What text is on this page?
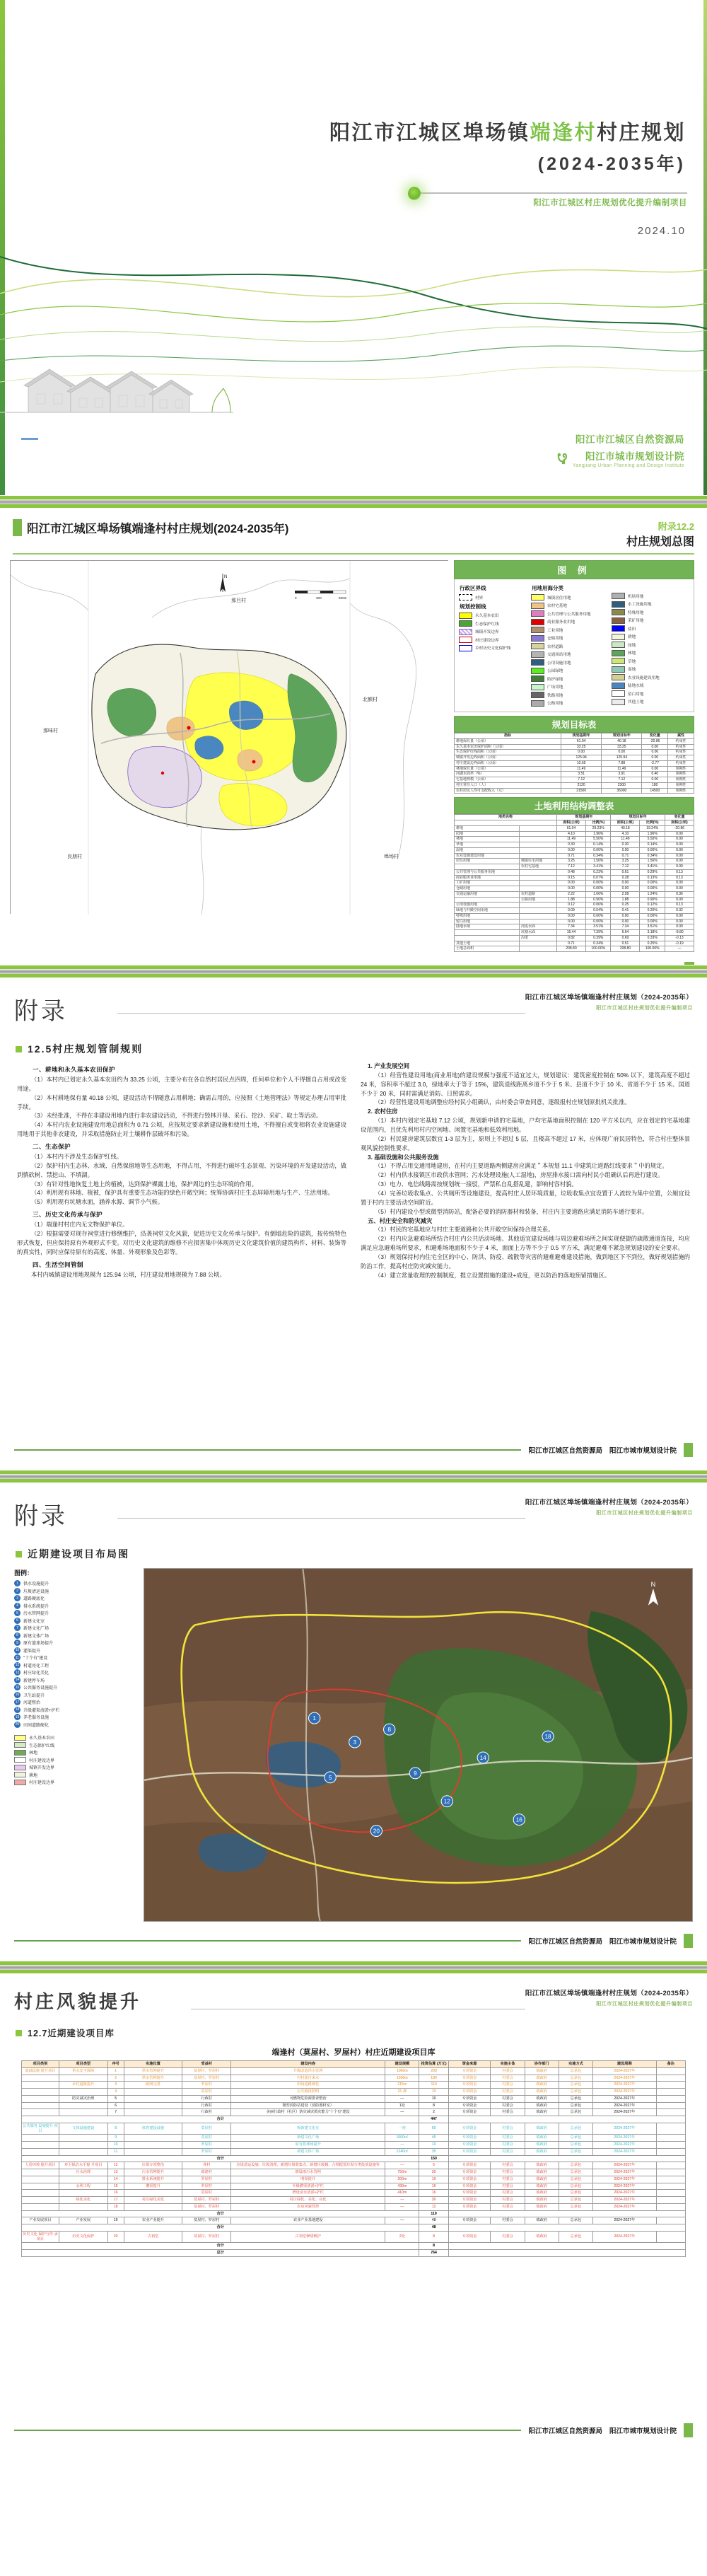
阳江市江城区埠场镇端逢村村庄规划
(2024-2035年)
阳江市江城区村庄规划优化提升编制项目
2024.10
阳江市江城区自然资源局
阳江市城市规划设计院
Yangjiang Urban Planning and Design Institute
阳江市江城区埠场镇端逢村村庄规划(2024-2035年)	附录12.2
村庄规划总图
那味村
那旦村
良朋村	埠场村
北额村
N
0	300	600m
图 例
行政区界线
村界
规划控制线
永久基本农田
生态保护红线
城镇开发边界
村庄建设边界
乡村历史文化保护线
用地用海分类
城镇居住用地
农村宅基地
公共管理与公共服务用地
商业服务业用地
工业用地
仓储用地
农村道路
交通场站用地
公用设施用地
公园绿地
防护绿地
广场用地
铁路用地
公路用地
机场用地
水工设施用地
特殊用地
采矿用地
盐田
耕地
园地
林地
草地
湿地
农业设施建设用地
陆地水域
留白用地
其他土地
规划目标表
指标	规划基期年	规划目标年	变化量	属性
耕地保有量（公顷）	61.04	40.18	-20.86	约束性
永久基本农田保护面积（公顷）	33.25	33.25	0.00	约束性
生态保护红线面积（公顷）	0.00	0.00	0.00	约束性
城镇开发边界面积（公顷）	125.94	125.94	0.00	约束性
村庄建设边界面积（公顷）	10.65	7.88	-2.77	约束性
林地保有量（公顷）	11.49	11.49	0.00	预期性
河湖水面率（%）	3.51	3.91	0.40	预期性
宅基地规模（公顷）	7.12	7.12	0.00	预期性
村庄常住人口（人）	2120	2300	180	预期性
农村居民人均可支配收入（元）	21500	36000	14500	预期性
土地利用结构调整表
地类名称		规划基期年		规划目标年		变化量
		面积(公顷)	比例(%)	面积(公顷)	比例(%)	面积(公顷)
耕地		61.04	29.23%	40.18	19.24%	-20.86
园地		4.10	1.96%	4.10	1.96%	0.00
林地		11.49	5.50%	11.49	5.50%	0.00
草地		0.30	0.14%	0.30	0.14%	0.00
湿地		0.00	0.00%	0.00	0.00%	0.00
农业设施建设用地		0.71	0.34%	0.71	0.34%	0.00
居住用地	城镇住宅用地	3.25	1.56%	3.25	1.56%	0.00
	农村宅基地	7.12	3.41%	7.12	3.41%	0.00
公共管理与公共服务用地		0.48	0.23%	0.61	0.29%	0.13
商业服务业用地		0.15	0.07%	0.28	0.13%	0.13
工矿用地		0.00	0.00%	0.00	0.00%	0.00
仓储用地		0.00	0.00%	0.00	0.00%	0.00
交通运输用地	农村道路	2.22	1.06%	2.58	1.24%	0.36
	公路用地	1.88	0.90%	1.88	0.90%	0.00
公用设施用地		0.12	0.06%	0.25	0.12%	0.13
绿地与开敞空间用地		0.09	0.04%	0.41	0.20%	0.32
特殊用地		0.00	0.00%	0.00	0.00%	0.00
留白用地		0.00	0.00%	0.00	0.00%	0.00
陆地水域	河流水面	7.34	3.51%	7.34	3.51%	0.00
	坑塘水面	15.44	7.39%	6.64	3.18%	-8.80
	沟渠	0.82	0.39%	0.69	0.33%	-0.13
其他土地		0.71	0.34%	0.51	0.25%	-0.19
土地总面积		208.80	100.00%	208.80	100.00%	—
附录
阳江市江城区埠场镇端逢村村庄规划（2024-2035年）
阳江市江城区村庄规划优化提升编制项目
12.5村庄规划管制规则
一、耕地和永久基本农田保护
（1）本村内已划定永久基本农田约为 33.25 公顷，主要分布在各自然村居民点四周，任何单位和个人不得擅自占用或改变用途。
（2）本村耕地保有量 40.18 公顷，建设活动不得随意占用耕地；确需占用的，应按照《土地管理法》等规定办理占用审批手续。
（3）未经批准，不得在非建设用地内进行非农建设活动，不得进行毁林开垦、采石、挖沙、采矿、取土等活动。
（4）本村内农业设施建设用地总面积为 0.71 公顷，应按规定要求新建设施和使用土地，不得擅自或变相将农业设施建设用地用于其他非农建设，并采取措施防止对土壤耕作层破坏和污染。
二、生态保护
（1）本村内不涉及生态保护红线。
（2）保护村内生态林、水域、自然保留地等生态用地，不得占用，不得进行破坏生态景观、污染环境的开发建设活动，做到慎砍树、禁挖山、不填湖。
（3）有针对性地恢复土地上的植被，达到保护裸露土地，保护周边的生态环境的作用。
（4）利用现有林地、植被，保护具有重要生态功能的绿色开敞空间；统筹协调村庄生态屏障用地与生产、生活用地。
（5）利用现有坑塘水面，涵养水源、调节小气候。
三、历史文化传承与保护
（1）端逢村村庄内无文物保护单位。
（2）根据需要对现存祠堂进行修缮维护，沿袭祠堂文化风貌，促进历史文化传承与保护。有倒塌危险的建筑，按传统特色形式恢复，但应保持原有外观形式不变。对历史文化建筑的维修不应损害集中体现历史文化建筑价值的建筑构件、材料、装饰等的真实性，同时应保待原有的高度、体量、外观形象及色彩等。
四、生活空间管制
本村内城镇建设用地规模为 125.94 公顷，村庄建设用地规模为 7.88 公顷。
1. 产业发展空间
（1）经营性建设用地(商业用地)的建设规模与强度不适宜过大，规划建议：建筑密度控制在 50% 以下，建筑高度不超过 24 米，容积率不超过 3.0，绿地率大于等于 15%，建筑退线距离乡道不少于 5 米、县道不少于 10 米、省道不少于 15 米、国道不少于 20 米，同时需满足消防、日照需求。
（2）经营性建设用地调整应经村民小组确认，由村委会审查同意，逐级报村庄规划原批机关批准。
2. 农村住房
（1）本村内划定宅基地 7.12 公顷，规划新申请的宅基地，户均宅基地面积控制在 120 平方米以内，应在划定的宅基地建设范围内，且优先利用村内空闲地、闲置宅基地和低效利用地。
（2）村民建房建筑层数宜 1-3 层为主，原则上不超过 5 层，且楼高不超过 17 米，应体现广府民居特色，符合村庄整体景观风貌控制性要求。
3. 基础设施和公共服务设施
（1）不得占用交通用地建房，在村内主要道路两侧建房应满足＂本规划 11.1 中建筑让道路红线要求＂中的规定。
（2）村内供水接镇区市政供水管网；污水处理设施(人工湿地)，房屋排水接口需向村民小组确认后再进行建设。
（3）电力、电信线路需按规划统一接驳，严禁私自乱搭乱建，影响村容村貌。
（4）完善垃圾收集点、公共厕所等设施建设，提高村庄人居环境质量，垃圾收集点宜设置于人流较为集中位置，公厕宜设置于村内主要活动空间附近。
（5）村内建设小型或微型消防站，配备必要的消防器材和装备，村庄内主要道路应满足消防车通行要求。
五、村庄安全和防灾减灾
（1）村民的宅基地应与村庄主要道路和公共开敞空间保持合理关系。
（2）村内应急避难场所结合村庄内公共活动场地、其他适宜建设场地与周边避难场所之间实现便捷的疏散通道连接，均应满足应急避难场所要求，和避难场地面积不少于 4 米，面面上方等不少于 0.5 平方米，满足避难不紧急规划建设的安全要求。
（3）规划保持村内住宅全区的中心、防洪、防疫、疏散等灾害的避难避难建设措施，做到地区下不到位，做好规划措施的防治工作，提高村庄防灾减灾能力。
（4）建立常量收理的控制制度，提立设置措施的建设+成度，更以防治的落地预留措施区。
阳江市江城区自然资源局 阳江市城市规划设计院
附录
阳江市江城区埠场镇端逢村村庄规划（2024-2035年）
阳江市江城区村庄规划优化提升编制项目
近期建设项目布局图
图例：
1	供水设施提升
2	垃圾清运设施
3	道路硬底化
4	排水系统提升
5	污水管网提升
6	新建文化室
7	新建文化广场
8	新建文体广场
9	原有篮球场提升
10 灌渠提升
11 "十个有"建设
12 村道亮化工程
13 村庄绿化美化
14 新建停车场
15 公共服务设施提升
16 卫生站提升
17 河道整治
18 升级灌渠清淤+护栏
19 养老服务设施
20 田间道路硬化
永久基本农田
生态保护红线
林地
村庄建设边界
城镇开发边界
耕地
村庄建设边界
1
3
5
8
9
12
14
16
18
20
N
阳江市江城区自然资源局 阳江市城市规划设计院
村庄风貌提升	阳江市江城区埠场镇端逢村村庄规划（2024-2035年）
阳江市江城区村庄规划优化提升编制项目
12.7近期建设项目库
端逢村（莫屋村、罗屋村）村庄近期建设项目库
项目类别	项目类型	序号	实施位置	受益村	建设内容	建设规模	投资估算 (万元)	资金来源	实施主体	协作部门	实施方式	建设周期	备注
基础设施 提升项目	供水安全保障	1	供水管网提升	莫屋村、罗屋村	升级改造供水管网	1000m	200	专项资金	村委会	镇政府	总承包	2024-2027年	
		2	供水管网提升	莫屋村、罗屋村	村村通自来水	1600m	180	专项资金	村委会	镇政府	总承包	2024-2027年	
	乡村道路提升	3	路网完善	罗屋村	田间道路硬化	215m	119	专项资金	村委会	镇政府	总承包	2024-2027年	
		4		莫屋村	公共路段照明	21 盏	10	专项资金	村委会	镇政府	总承包	2024-2027年	
	防灾减灾治理	5		行政村	可燃物危险源排查整治	—	10	专项资金	村委会	镇政府	总承包	2024-2027年	
		6		行政村	微型消防站建设（消防器材室）	1处	8	专项资金	村委会	镇政府	总承包	2024-2027年	
		7		行政村	美丽行政村（社区）防灾减灾救灾能力"十个有"建设	—	2	专项资金	村委会	镇政府	总承包	2024-2027年	
合计							447						
公共服务 设施提升 项目	文体设施建设	8	体育建设设施	莫屋村	拆新建文化室	一座	60	专项资金	村委会	镇政府	总承包	2024-2027年	
		9		莫屋村	新建文化广场	1600㎡	45	专项资金	村委会	镇政府	总承包	2024-2027年	
		10		罗屋村	原有篮球场提升	—	10	专项资金	村委会	镇政府	总承包	2024-2027年	
		11		罗屋村	新建文体广场	1240㎡	35	专项资金	村委会	镇政府	总承包	2024-2027年	
合计							150						
人居环境 提升项目	环卫保洁水平提 升项目	12	垃圾专项整治	各村	垃圾清运设施、垃圾清理、新增垃圾收集点、新增垃圾桶、合理配置垃圾分类投放设施等	—	5	专项资金	村委会	镇政府	总承包	2024-2027年	
	污水治理	13	污水管网提升	端逢村	增设雨污水管网	750m	30	专项资金	村委会	镇政府	总承包	2024-2027年	
		14	排水系统提升	罗屋村	明渠提升	200m	10	专项资金	村委会	镇政府	总承包	2024-2027年	
	水利工程	15	灌渠提升	罗屋村	升级灌渠清淤+护栏	430m	16	专项资金	村委会	镇政府	总承包	2024-2027年	
		16		莫屋村	增设卤水清淤+护栏	410m	16	专项资金	村委会	镇政府	总承包	2024-2027年	
	绿化美化	17	村庄绿化美化	莫屋村、罗屋村	村庄绿化、美化、亮化	—	30	专项资金	村委会	镇政府	总承包	2024-2027年	
		18		莫屋村、罗屋村	农房风貌管控	—	12	专项资金	村委会	镇政府	总承包	2024-2027年	
合计							119						
产业发展项目	产业发展	19	农业产业提升	莫屋村、罗屋村	农业产业基地建设	—	48	专项资金	村委会	镇政府	总承包	2024-2027年	
合计							48						
历史文化 保护与传 承项目	历史文化保护	20	古祠堂	莫屋村、罗屋村	古祠堂修缮维护	2处	8	专项资金	村委会	镇政府	总承包	2024-2027年	
合计							8						
总计							764						
阳江市江城区自然资源局 阳江市城市规划设计院
